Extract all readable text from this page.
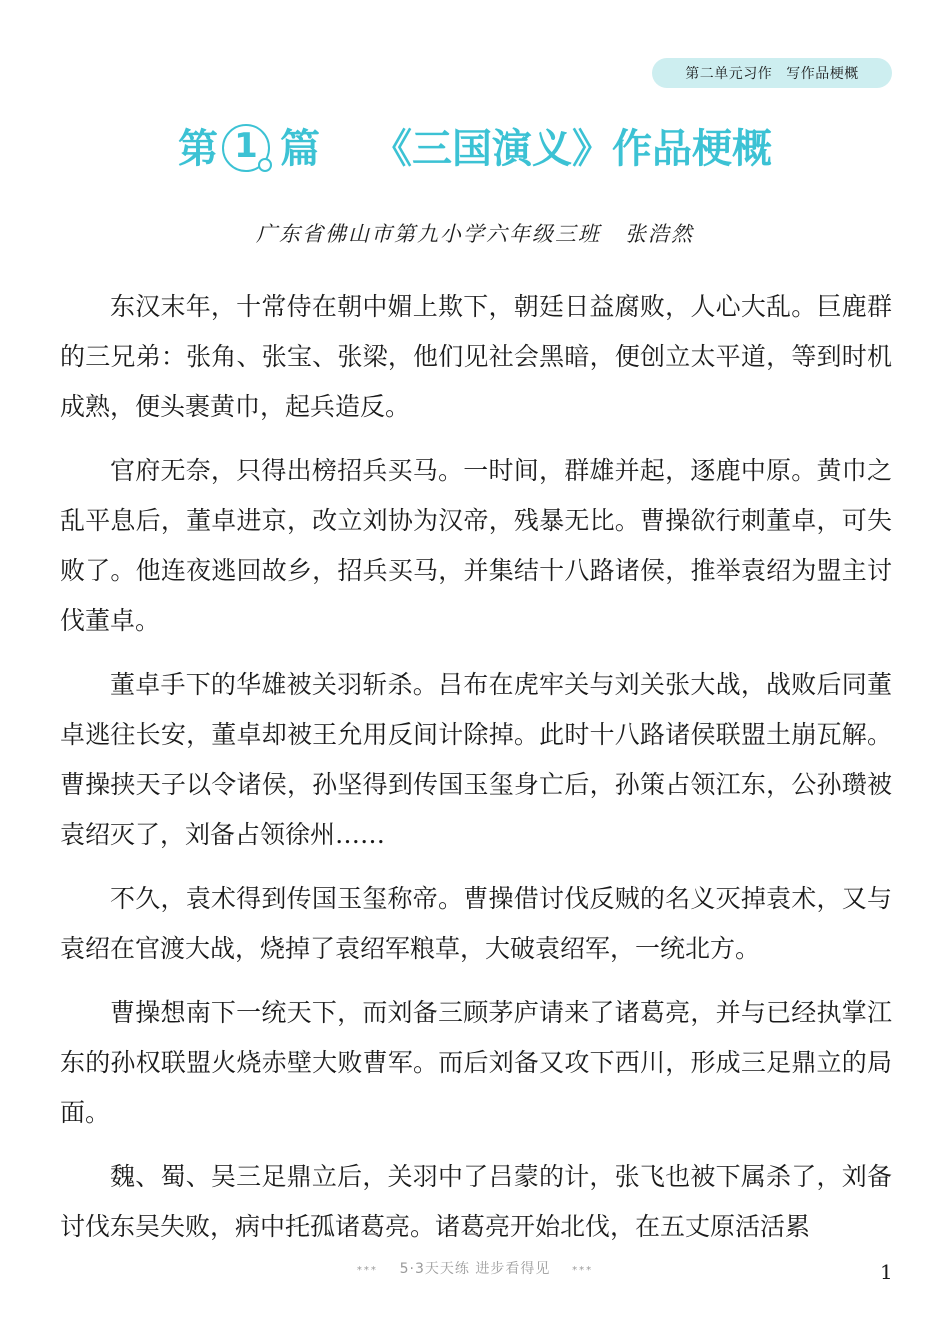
第二单元习作 写作品梗概
第 1 篇 《三国演义》作品梗概
广东省佛山市第九小学六年级三班 张浩然

东汉末年，十常侍在朝中媚上欺下，朝廷日益腐败，人心大乱。巨鹿群的三兄弟：张角、张宝、张梁，他们见社会黑暗，便创立太平道，等到时机成熟，便头裹黄巾，起兵造反。

官府无奈，只得出榜招兵买马。一时间，群雄并起，逐鹿中原。黄巾之乱平息后，董卓进京，改立刘协为汉帝，残暴无比。曹操欲行刺董卓，可失败了。他连夜逃回故乡，招兵买马，并集结十八路诸侯，推举袁绍为盟主讨伐董卓。

董卓手下的华雄被关羽斩杀。吕布在虎牢关与刘关张大战，战败后同董卓逃往长安，董卓却被王允用反间计除掉。此时十八路诸侯联盟土崩瓦解。曹操挟天子以令诸侯，孙坚得到传国玉玺身亡后，孙策占领江东，公孙瓒被袁绍灭了，刘备占领徐州……

不久，袁术得到传国玉玺称帝。曹操借讨伐反贼的名义灭掉袁术，又与袁绍在官渡大战，烧掉了袁绍军粮草，大破袁绍军，一统北方。

曹操想南下一统天下，而刘备三顾茅庐请来了诸葛亮，并与已经执掌江东的孙权联盟火烧赤壁大败曹军。而后刘备又攻下西川，形成三足鼎立的局面。

魏、蜀、吴三足鼎立后，关羽中了吕蒙的计，张飞也被下属杀了，刘备讨伐东吴失败，病中托孤诸葛亮。诸葛亮开始北伐，在五丈原活活累

*** 5·3天天练 进步看得见 ***	1
